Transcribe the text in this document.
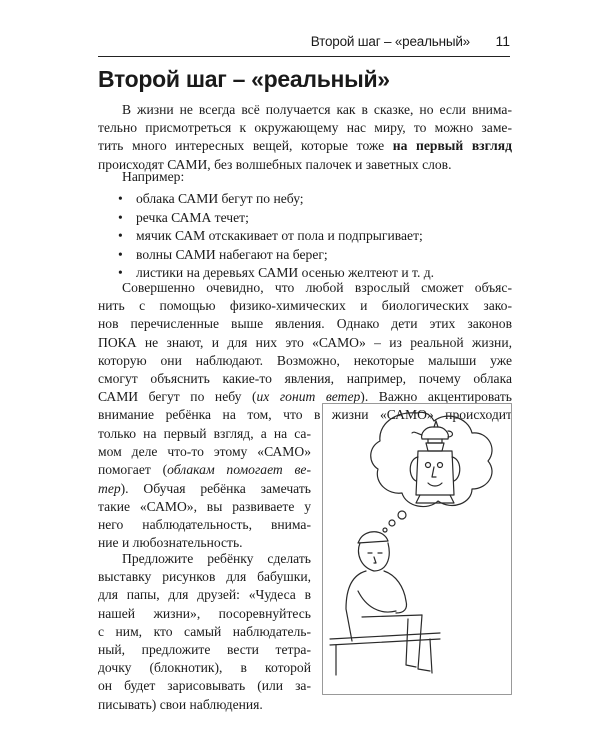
Второй шаг – «реальный» 11
Второй шаг – «реальный»
В жизни не всегда всё получается как в сказке, но если внима-
тельно присмотреться к окружающему нас миру, то можно заме-
тить много интересных вещей, которые тоже на первый взгляд
происходят САМИ, без волшебных палочек и заветных слов.
Например:
• облака САМИ бегут по небу;
• речка САМА течет;
• мячик САМ отскакивает от пола и подпрыгивает;
• волны САМИ набегают на берег;
• листики на деревьях САМИ осенью желтеют и т. д.
Совершенно очевидно, что любой взрослый сможет объяс-
нить с помощью физико-химических и биологических зако-
нов перечисленные выше явления. Однако дети этих законов
ПОКА не знают, и для них это «САМО» – из реальной жизни,
которую они наблюдают. Возможно, некоторые малыши уже
смогут объяснить какие-то явления, например, почему облака
САМИ бегут по небу (их гонит ветер). Важно акцентировать
внимание ребёнка на том, что в жизни «САМО» происходит
только на первый взгляд, а на са-
мом деле что-то этому «САМО»
помогает (облакам помогает ве-
тер). Обучая ребёнка замечать
такие «САМО», вы развиваете у
него наблюдательность, внима-
ние и любознательность.
Предложите ребёнку сделать
выставку рисунков для бабушки,
для папы, для друзей: «Чудеса в
нашей жизни», посоревнуйтесь
с ним, кто самый наблюдатель-
ный, предложите вести тетра-
дочку (блокнотик), в которой
он будет зарисовывать (или за-
писывать) свои наблюдения.
